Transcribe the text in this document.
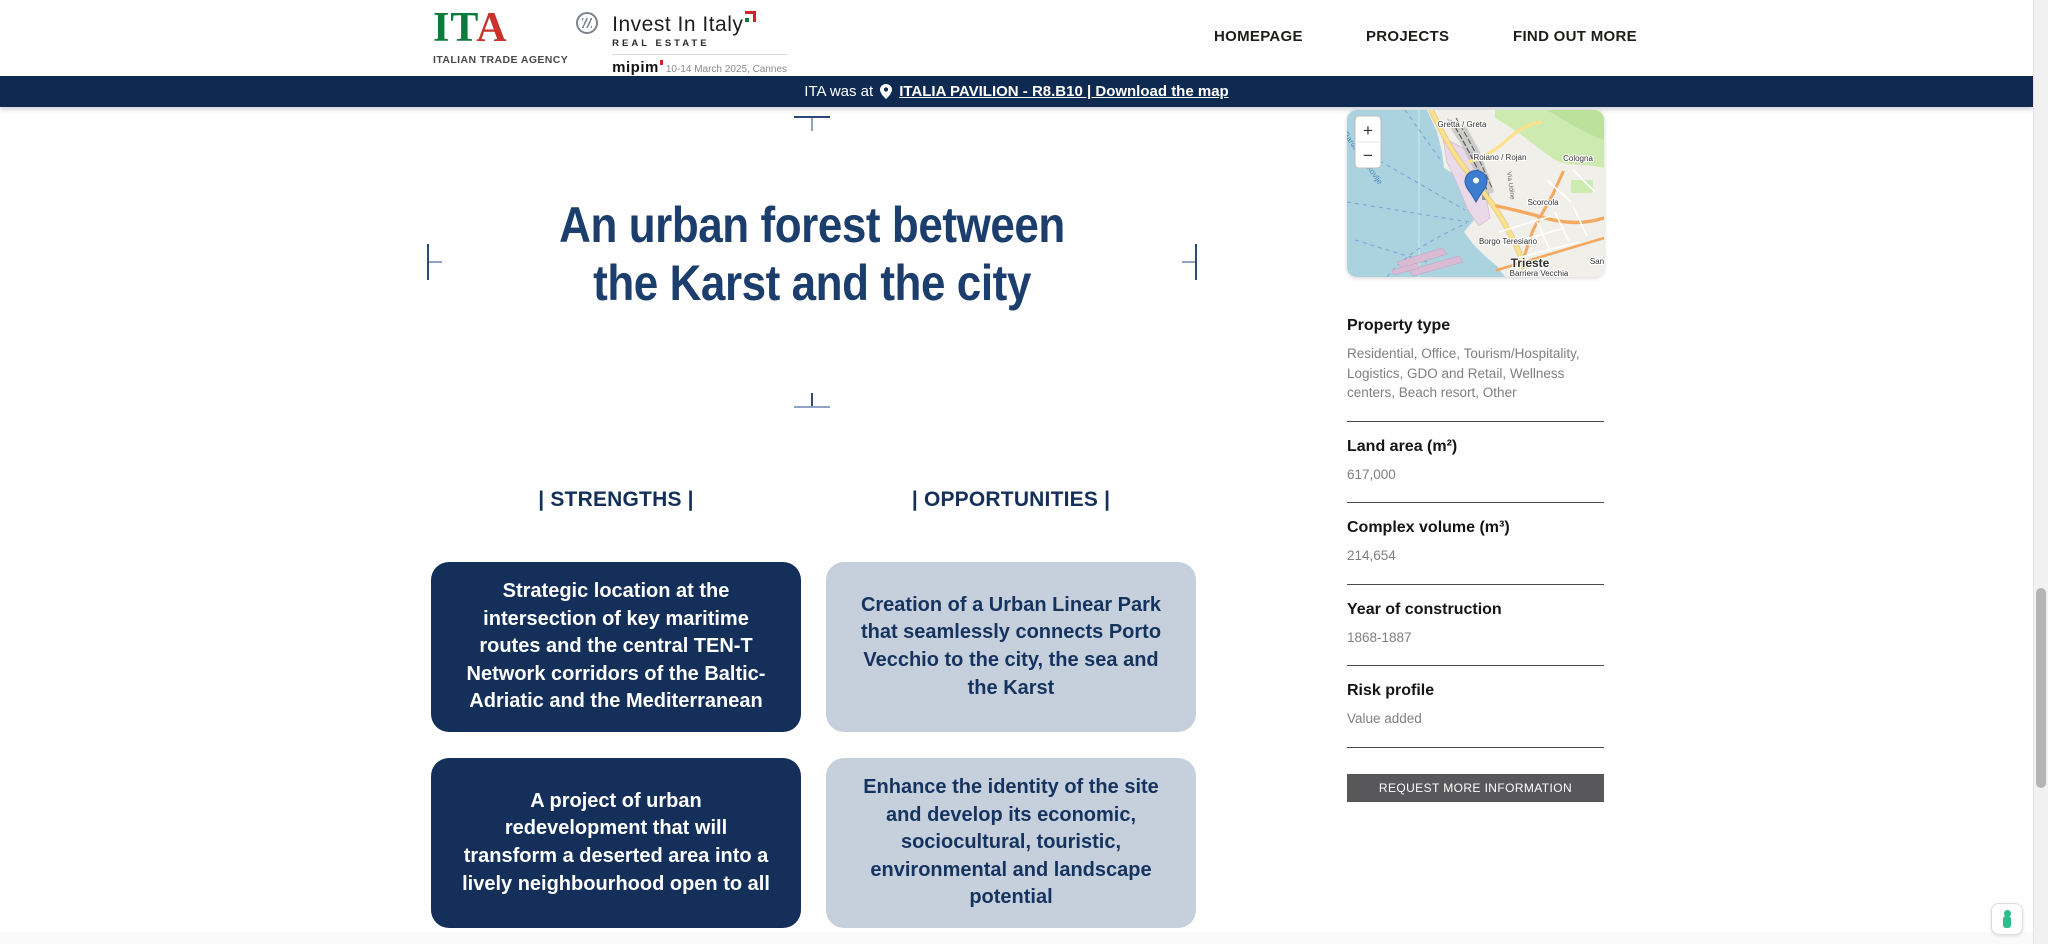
ITA
ITALIAN TRADE AGENCY
Invest In Italy
REAL ESTATE
mipim 10-14 March 2025, Cannes
HOMEPAGE	PROJECTS	FIND OUT MORE
ITA was at ITALIA PAVILION - R8.B10 | Download the map
An urban forest between
the Karst and the city
| STRENGTHS |	| OPPORTUNITIES |
Strategic location at the intersection of key maritime routes and the central TEN-T Network corridors of the Baltic-Adriatic and the Mediterranean
Creation of a Urban Linear Park that seamlessly connects Porto Vecchio to the city, the sea and the Karst
A project of urban redevelopment that will transform a deserted area into a lively neighbourhood open to all
Enhance the identity of the site and develop its economic, sociocultural, touristic, environmental and landscape potential
Gretta / Greta
Roiano / Rojan	Cologna
Scorcola
Borgo Teresiano
Trieste	San
Barriera Vecchia
Via Udine
+
−
Property type
Residential, Office, Tourism/Hospitality, Logistics, GDO and Retail, Wellness centers, Beach resort, Other
Land area (m²)
617,000
Complex volume (m³)
214,654
Year of construction
1868-1887
Risk profile
Value added
REQUEST MORE INFORMATION
